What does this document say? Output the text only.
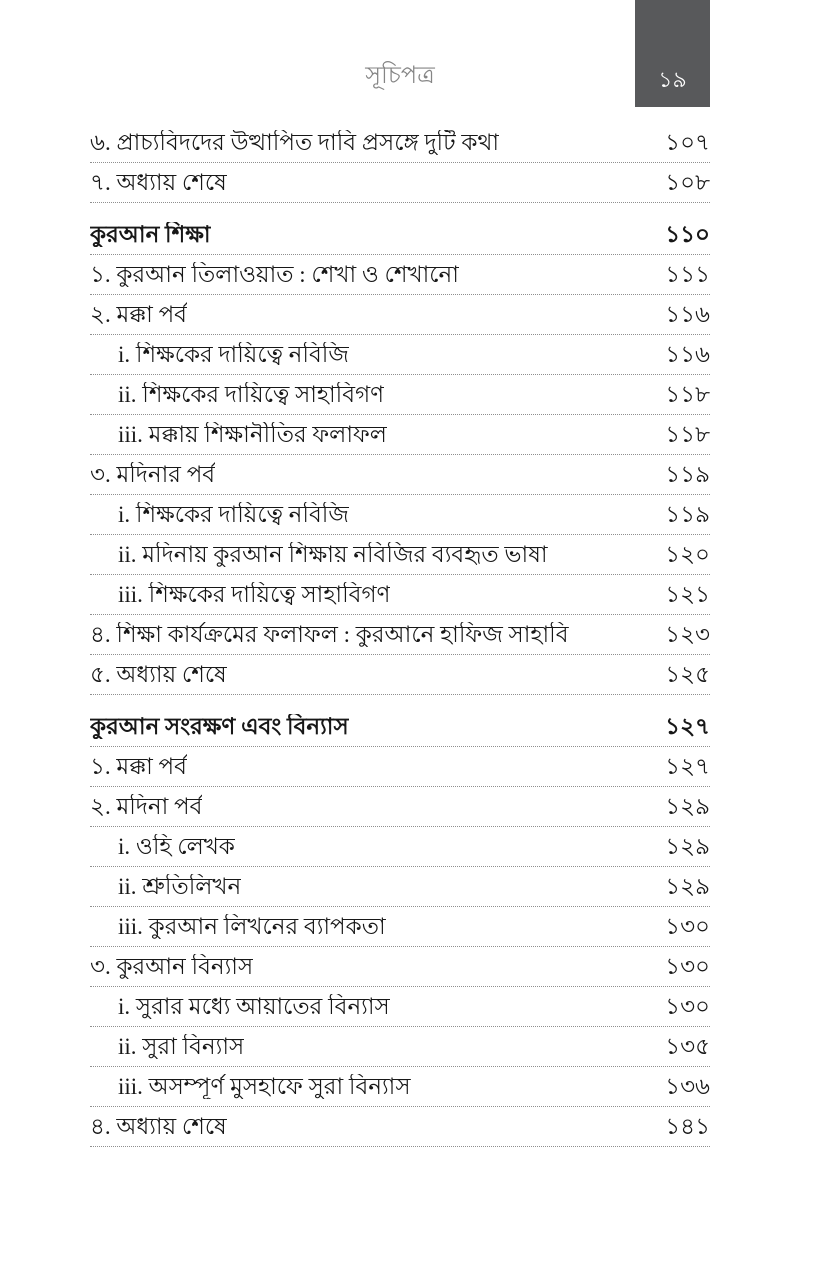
সূচিপত্র	১৯
৬. প্রাচ্যবিদদের উত্থাপিত দাবি প্রসঙ্গে দুটি কথা	১০৭
৭. অধ্যায় শেষে	১০৮
কুরআন শিক্ষা	১১০
১. কুরআন তিলাওয়াত : শেখা ও শেখানো	১১১
২. মক্কা পর্ব	১১৬
i. শিক্ষকের দায়িত্বে নবিজি	১১৬
ii. শিক্ষকের দায়িত্বে সাহাবিগণ	১১৮
iii. মক্কায় শিক্ষানীতির ফলাফল	১১৮
৩. মদিনার পর্ব	১১৯
i. শিক্ষকের দায়িত্বে নবিজি	১১৯
ii. মদিনায় কুরআন শিক্ষায় নবিজির ব্যবহৃত ভাষা	১২০
iii. শিক্ষকের দায়িত্বে সাহাবিগণ	১২১
৪. শিক্ষা কার্যক্রমের ফলাফল : কুরআনে হাফিজ সাহাবি	১২৩
৫. অধ্যায় শেষে	১২৫
কুরআন সংরক্ষণ এবং বিন্যাস	১২৭
১. মক্কা পর্ব	১২৭
২. মদিনা পর্ব	১২৯
i. ওহি লেখক	১২৯
ii. শ্রুতিলিখন	১২৯
iii. কুরআন লিখনের ব্যাপকতা	১৩০
৩. কুরআন বিন্যাস	১৩০
i. সুরার মধ্যে আয়াতের বিন্যাস	১৩০
ii. সুরা বিন্যাস	১৩৫
iii. অসম্পূর্ণ মুসহাফে সুরা বিন্যাস	১৩৬
৪. অধ্যায় শেষে	১৪১
